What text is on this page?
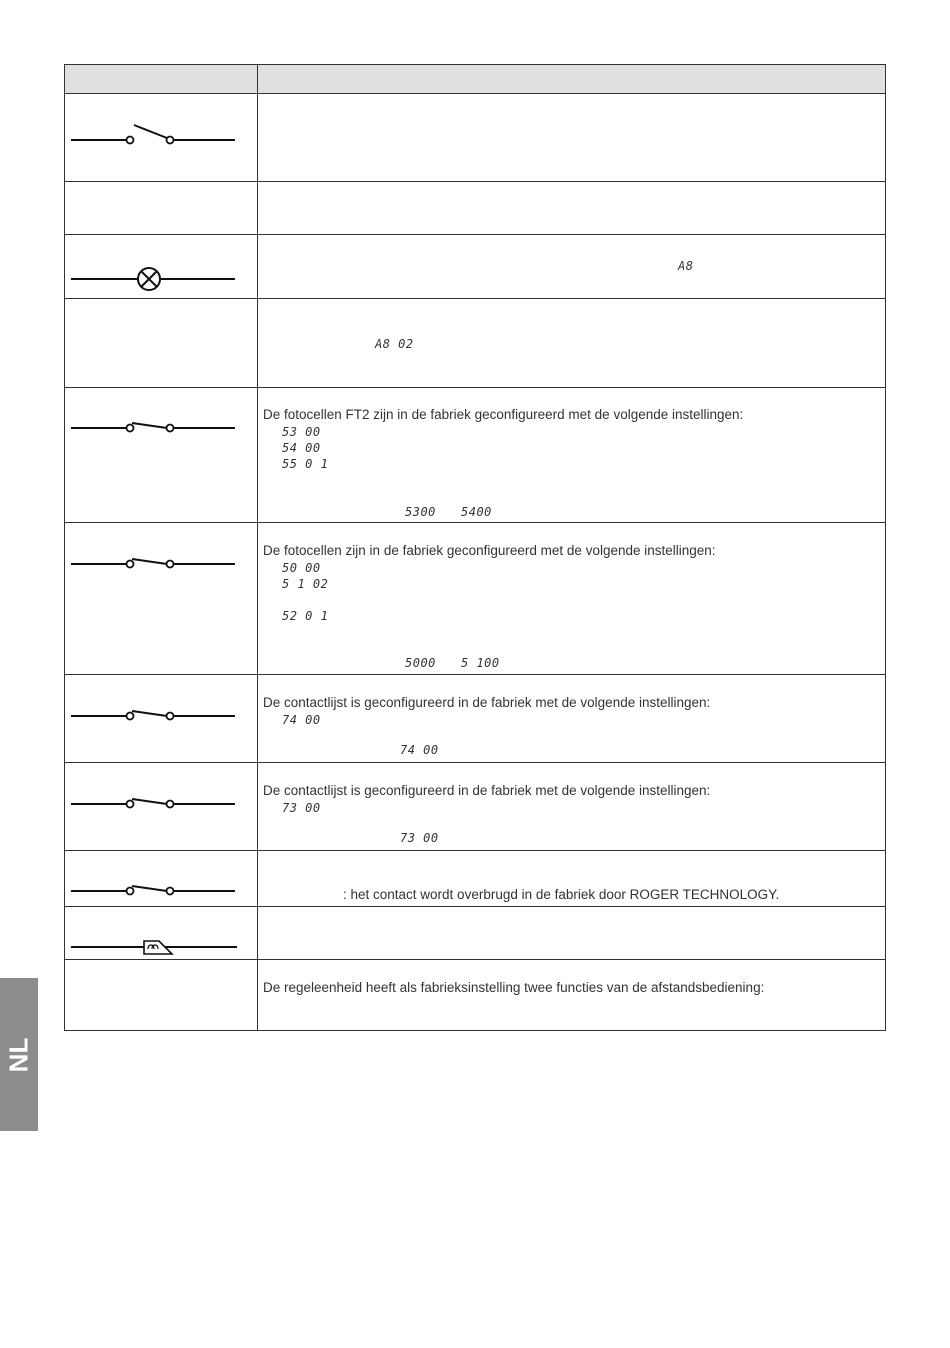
A8
A8 02
De fotocellen FT2 zijn in de fabriek geconfigureerd met de volgende instellingen:
53 00
54 00
55 0 1
5300 5400
De fotocellen zijn in de fabriek geconfigureerd met de volgende instellingen:
50 00
5 1 02
52 0 1
5000 5 100
De contactlijst is geconfigureerd in de fabriek met de volgende instellingen:
74 00
74 00
De contactlijst is geconfigureerd in de fabriek met de volgende instellingen:
73 00
73 00
: het contact wordt overbrugd in de fabriek door ROGER TECHNOLOGY.
De regeleenheid heeft als fabrieksinstelling twee functies van de afstandsbediening:
NL
